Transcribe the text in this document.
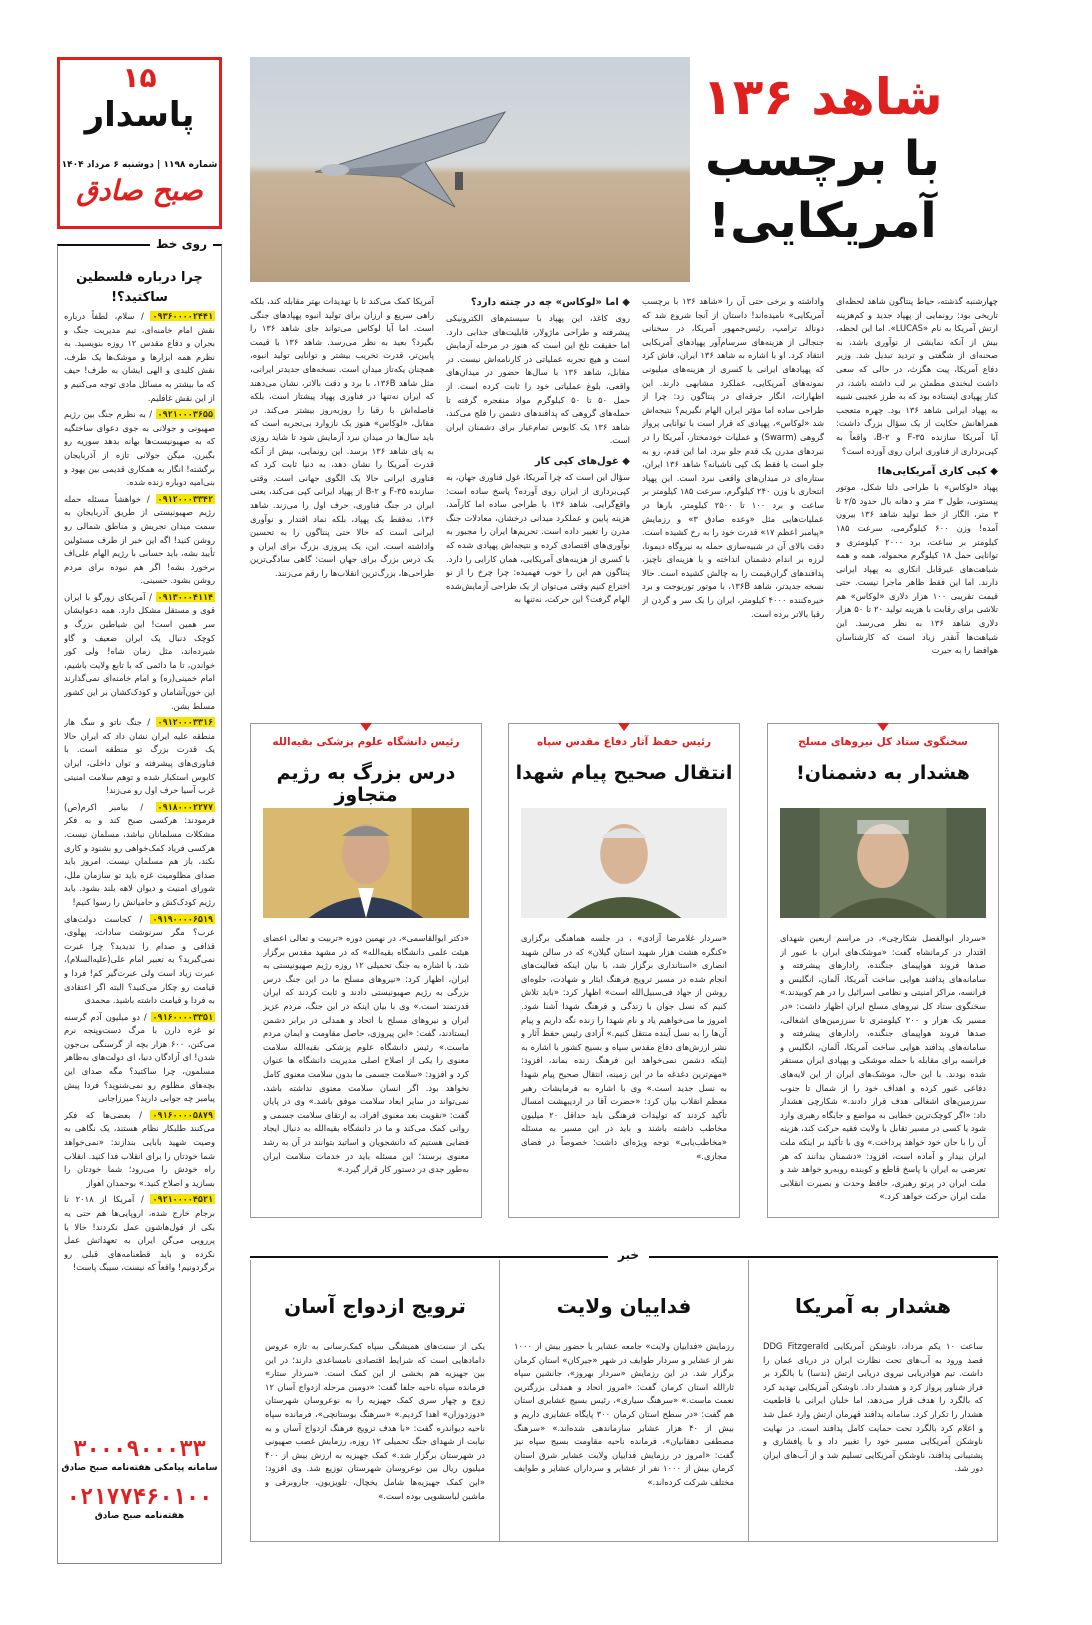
۱۵
پاسدار
شماره ۱۱۹۸ | دوشنبه ۶ مرداد ۱۴۰۴
صبح صادق
روی خط
چرا درباره فلسطین ساکتید؟!
۰۹۳۶۰۰۰۰۲۴۴۱ / سلام، لطفاً درباره نقش امام خامنه‌ای، تیم مدیریت جنگ و بحران و دفاع مقدس ۱۲ روزه بنویسید. به نظرم همه ابزارها و موشک‌ها یک طرف، نقش کلیدی و الهی ایشان به طرف! حیف که ما بیشتر به مسائل مادی توجه می‌کنیم و از این نقش غافلیم.
۰۹۲۱۰۰۰۳۶۵۵ / به نظرم جنگ بین رژیم صهیونی و جولانی به جوی دعوای ساختگیه که به صهیونیست‌ها بهانه بدهد سوریه رو بگیرن. میگن جولانی تازه از آذربایجان برگشته! انگار به همکاری قدیمی بین یهود و بنی‌امیه دوباره زنده شده.
۰۹۱۲۰۰۰۳۳۴۲ / خواهشاً مسئله حمله رژیم صهیونیستی از طریق آذربایجان به سمت میدان تجریش و مناطق شمالی رو روشن کنید! اگه این خبر از طرف مسئولین تأیید بشه، باید حسابی با رژیم الهام علی‌اف برخورد بشه! اگر هم نبوده برای مردم روشن بشود. حسینی.
۰۹۱۳۰۰۰۴۱۱۴ / آمریکای زورگو با ایران قوی و مستقل مشکل دارد. همه دعوایشان سر همین است! این شیاطین بزرگ و کوچک دنبال یک ایران ضعیف و گاو شیرده‌اند، مثل زمان شاه! ولی کور خواندن، تا ما دائمی که با تابع ولایت باشیم، امام خمینی(ره) و امام خامنه‌ای نمی‌گذارند این خون‌آشامان و کودک‌کشان بر این کشور مسلط بشن.
۰۹۱۲۰۰۰۳۳۱۶ / جنگ ناتو و سگ هار منطقه علیه ایران نشان داد که ایران حالا یک قدرت بزرگ تو منطقه است. با فناوری‌های پیشرفته و توان داخلی، ایران کابوس استکبار شده و توهم سلامت امنیتی غرب آسیا حرف اول رو می‌زند!
۰۹۱۸۰۰۰۲۲۷۷ / بیامبر اکرم(ص) فرمودند: هرکسی صبح کند و به فکر مشکلات مسلمانان نباشد، مسلمان نیست. هرکسی فریاد کمک‌خواهی رو بشنود و کاری نکند، باز هم مسلمان نیست. امروز باید صدای مظلومیت غزه باید تو سازمان ملل، شورای امنیت و دیوان لاهه بلند بشود. باید رژیم کودک‌کش و حامیانش را رسوا کنیم!
۰۹۱۹۰۰۰۰۶۵۱۹ / کجاست دولت‌های عرب؟ مگر سرنوشت سادات، پهلوی، قذافی و صدام را ندیدید؟ چرا عبرت نمی‌گیرید؟ به تعبیر امام علی(علیه‌السلام)، عبرت زیاد است ولی عبرت‌گیر کم! فردا و قیامت رو چکار می‌کنید؟ البته اگر اعتقادی به فردا و قیامت داشته باشید. محمدی
۰۹۱۶۰۰۰۰۳۳۵۱ / دو میلیون آدم گرسنه تو غزه دارن با مرگ دست‌وپنجه نرم می‌کنن، ۶۰۰ هزار بچه از گرسنگی بی‌جون شدن! ای آزادگان دنیا، ای دولت‌های به‌ظاهر مسلمون، چرا ساکتید؟ مگه صدای این بچه‌های مظلوم رو نمی‌شنوید؟ فردا پیش پیامبر چه جوابی دارید؟ میرزاجانی
۰۹۱۶۰۰۰۰۵۸۷۹ / بعضی‌ها که فکر می‌کنند طلبکار نظام هستند، یک نگاهی به وصیت شهید بابایی بندازند: «نمی‌خواهد شما خودتان را برای انقلاب فدا کنید. انقلاب راه خودش را می‌رود؛ شما خودتان را بسازید و اصلاح کنید.» بوحمدان اهواز
۰۹۲۱۰۰۰۰۴۵۲۱ / آمریکا از ۲۰۱۸ تا برجام خارج شده، اروپایی‌ها هم حتی یه بکی از قول‌هاشون عمل نکردند! حالا با پررویی می‌گن ایران به تعهداتش عمل نکرده و باید قطعنامه‌های قبلی رو برگردونیم! واقعاً که نیست، سیبگ پاست!
۳۰۰۰۹۰۰۰۳۳
سامانه پیامکی هفته‌نامه صبح صادق
۰۲۱۷۷۴۶۰۱۰۰
هفته‌نامه صبح صادق
شاهد ۱۳۶
با برچسب
آمریکایی!
چهارشنبه گذشته، حیاط پنتاگون شاهد لحظه‌ای تاریخی بود: رونمایی از پهپاد جدید و کم‌هزینه ارتش آمریکا به نام «LUCAS». اما این لحظه، بیش از آنکه نمایشی از نوآوری باشد، به صحنه‌ای از شگفتی و تردید تبدیل شد. وزیر دفاع آمریکا، پیت هگزث، در حالی که سعی داشت لبخندی مطمئن بر لب داشته باشد، در کنار پهپادی ایستاده بود که به طرز عجیبی شبیه به پهپاد ایرانی شاهد ۱۳۶ بود. چهره متعجب همراهانش حکایت از یک سؤال بزرگ داشت: آیا آمریکا سازنده ۳۵-F و ۲-B، واقعاً به کپی‌برداری از فناوری ایران روی آورده است؟
◆ کپی کاری آمریکایی‌ها!
پهپاد «لوکاس» با طراحی دلتا شکل، موتور پیستونی، طول ۳ متر و دهانه بال حدود ۲/۵ تا ۳ متر، الگار از خط تولید شاهد ۱۳۶ بیرون آمده! وزن ۶۰۰ کیلوگرمی، سرعت ۱۸۵ کیلومتر بر ساعت، برد ۲۰۰۰ کیلومتری و توانایی حمل ۱۸ کیلوگرم محموله، همه و همه شباهت‌های غیرقابل انکاری به پهپاد ایرانی دارند. اما این فقط ظاهر ماجرا نیست. حتی قیمت تقریبی ۱۰۰ هزار دلاری «لوکاس» هم تلاشی برای رقابت با هزینه تولید ۲۰ تا ۵۰ هزار دلاری شاهد ۱۳۶ به نظر می‌رسد. این شباهت‌ها آنقدر زیاد است که کارشناسان هوافضا را به حیرت
واداشته و برخی حتی آن را «شاهد ۱۳۶ با برچسب آمریکایی» نامیده‌اند! داستان از آنجا شروع شد که دونالد ترامپ، رئیس‌جمهور آمریکا، در سخنانی جنجالی از هزینه‌های سرسام‌آور پهپادهای آمریکایی انتقاد کرد. او با اشاره به شاهد ۱۳۶ ایران، فاش کرد که پهپادهای ایرانی با کسری از هزینه‌های میلیونی نمونه‌های آمریکایی، عملکرد مشابهی دارند. این اظهارات، انگار جرقه‌ای در پنتاگون زد: چرا از طراحی ساده اما مؤثر ایران الهام نگیریم؟ نتیجه‌اش شد «لوکاس»، پهپادی که قرار است با توانایی پرواز گروهی (Swarm) و عملیات خودمختار، آمریکا را در نبردهای مدرن یک قدم جلو ببرد. اما این قدم، رو به جلو است یا فقط یک کپی ناشیانه؟ شاهد ۱۳۶ ایران، ستاره‌ای در میدان‌های واقعی نبرد است. این پهپاد انتحاری با وزن ۲۴۰ کیلوگرم، سرعت ۱۸۵ کیلومتر بر ساعت و برد ۱۰۰ تا ۲۵۰۰ کیلومتر، بارها در عملیات‌هایی مثل «وعده صادق ۳» و رزمایش «پیامبر اعظم ۱۷» قدرت خود را به رخ کشیده است. دقت بالای آن در شبیه‌سازی حمله به نیروگاه دیمونا، لرزه بر اندام دشمنان انداخته و با هزینه‌ای ناچیز، پدافندهای گران‌قیمت را به چالش کشیده است. حالا نسخه جدیدتر، شاهد ۱۳۶B، با موتور توربوجت و برد خیره‌کننده ۴۰۰۰ کیلومتر، ایران را یک سر و گردن از رقبا بالاتر برده است.
◆ اما «لوکاس» چه در چنته دارد؟
روی کاغذ، این پهپاد با سیستم‌های الکترونیکی پیشرفته و طراحی ماژولار، قابلیت‌های جذابی دارد. اما حقیقت تلخ این است که هنوز در مرحله آزمایش است و هیچ تجربه عملیاتی در کارنامه‌اش نیست. در مقابل، شاهد ۱۳۶ با سال‌ها حضور در میدان‌های واقعی، بلوغ عملیاتی خود را ثابت کرده است. از حمل ۵۰ تا ۵۰ کیلوگرم مواد منفجره گرفته تا حمله‌های گروهی که پدافندهای دشمن را فلج می‌کند، شاهد ۱۳۶ یک کابوس تمام‌عیار برای دشمنان ایران است.
◆ غول‌های کپی کار
سؤال این است که چرا آمریکا، غول فناوری جهان، به کپی‌برداری از ایران روی آورده؟ پاسخ ساده است: واقع‌گرایی. شاهد ۱۳۶ با طراحی ساده اما کارآمد، هزینه پایین و عملکرد میدانی درخشان، معادلات جنگ مدرن را تغییر داده است. تحریم‌ها ایران را مجبور به نوآوری‌های اقتصادی کرده و نتیجه‌اش پهپادی شده که با کسری از هزینه‌های آمریکایی، همان کارایی را دارد. پنتاگون هم این را خوب فهمیده: چرا چرخ را از نو اختراع کنیم وقتی می‌توان از یک طراحی آزمایش‌شده الهام گرفت؟ این حرکت، نه‌تنها به
آمریکا کمک می‌کند تا با تهدیدات بهتر مقابله کند، بلکه راهی سریع و ارزان برای تولید انبوه پهپادهای جنگی است. اما آیا لوکاس می‌تواند جای شاهد ۱۳۶ را بگیرد؟ بعید به نظر می‌رسد. شاهد ۱۳۶ با قیمت پایین‌تر، قدرت تخریب بیشتر و توانایی تولید انبوه، همچنان یکه‌تاز میدان است. نسخه‌های جدیدتر ایرانی، مثل شاهد ۱۳۶B، با برد و دقت بالاتر، نشان می‌دهند که ایران نه‌تنها در فناوری پهپاد پیشتاز است، بلکه فاصله‌اش با رقبا را روزبه‌روز بیشتر می‌کند. در مقابل، «لوکاس» هنوز یک نازوارد بی‌تجربه است که باید سال‌ها در میدان نبرد آزمایش شود تا شاید روزی به پای شاهد ۱۳۶ برسد. این رونمایی، بیش از آنکه قدرت آمریکا را نشان دهد، به دنیا ثابت کرد که فناوری ایرانی حالا یک الگوی جهانی است. وقتی سازنده F-۳۵ و B-۲ از پهپاد ایرانی کپی می‌کند، یعنی ایران در جنگ فناوری، حرف اول را می‌زند. شاهد ۱۳۶، نه‌فقط یک پهپاد، بلکه نماد اقتدار و نوآوری ایرانی است که حالا حتی پنتاگون را به تحسین واداشته است. این، یک پیروزی بزرگ برای ایران و یک درس بزرگ برای جهان است: گاهی سادگی‌ترین طراحی‌ها، بزرگ‌ترین انقلاب‌ها را رقم می‌زنند.
سخنگوی ستاد کل نیروهای مسلح
هشدار به دشمنان!
«سردار ابوالفضل شکارچی»، در مراسم اربعین شهدای اقتدار در کرمانشاه گفت: «موشک‌های ایران با عبور از صدها فروند هواپیمای جنگنده، رادارهای پیشرفته و سامانه‌های پدافند هوایی ساخت آمریکا، آلمان، انگلیس و فرانسه، مراکز امنیتی و نظامی اسرائیل را در هم کوبیدند.» سخنگوی ستاد کل نیروهای مسلح ایران اظهار داشت: «در مسیر یک هزار و ۲۰۰ کیلومتری تا سرزمین‌های اشغالی، صدها فروند هواپیمای جنگنده، رادارهای پیشرفته و سامانه‌های پدافند هوایی ساخت آمریکا، آلمان، انگلیس و فرانسه برای مقابله با حمله موشکی و پهپادی ایران مستقر شده بودند. با این حال، موشک‌های ایران از این لایه‌های دفاعی عبور کرده و اهداف خود را از شمال تا جنوب سرزمین‌های اشغالی هدف قرار دادند.» شکارچی هشدار داد: «اگر کوچک‌ترین خطایی به مواضع و جایگاه رهبری وارد شود یا کسی در مسیر تقابل با ولایت فقیه حرکت کند، هزینه آن را با جان خود خواهد پرداخت.» وی با تأکید بر اینکه ملت ایران بیدار و آماده است، افزود: «دشمنان بدانند که هر تعرضی به ایران با پاسخ قاطع و کوبنده روبه‌رو خواهد شد و ملت ایران در پرتو رهبری، حافظ وحدت و بصیرت انقلابی ملت ایران حرکت خواهد کرد.»
رئیس حفظ آثار دفاع مقدس سپاه
انتقال صحیح پیام شهدا
«سردار غلامرضا آزادی» ، در جلسه هماهنگی برگزاری «کنگره هشت هزار شهید استان گیلان» که در سالن شهید انصاری «استانداری برگزار شد، با بیان اینکه فعالیت‌های انجام شده در مسیر ترویج فرهنگ ایثار و شهادت، جلوه‌ای روشن از جهاد فی‌سبیل‌الله است» اظهار کرد: «باید تلاش کنیم که نسل جوان با زندگی و فرهنگ شهدا آشنا شود. امروز ما می‌خواهیم یاد و نام شهدا را زنده نگه داریم و پیام آن‌ها را به نسل آینده منتقل کنیم.» آزادی رئیس حفظ آثار و نشر ارزش‌های دفاع مقدس سپاه و بسیج کشور با اشاره به اینکه دشمن نمی‌خواهد این فرهنگ زنده بماند، افزود: «مهم‌ترین دغدغه ما در این زمینه، انتقال صحیح پیام شهدا به نسل جدید است.» وی با اشاره به فرمایشات رهبر معظم انقلاب بیان کرد: «حضرت آقا در اردیبهشت امسال تأکید کردند که تولیدات فرهنگی باید حداقل ۲۰ میلیون مخاطب داشته باشند و باید در این مسیر به مسئله «مخاطب‌یابی» توجه ویژه‌ای داشت؛ خصوصاً در فضای مجازی.»
رئیس دانشگاه علوم پزشکی بقیه‌الله
درس بزرگ به رژیم متجاوز
«دکتر ابوالقاسمی»، در نهمین دوره «تربیت و تعالی اعضای هیئت علمی دانشگاه بقیه‌الله» که در مشهد مقدس برگزار شد، با اشاره به جنگ تحمیلی ۱۲ روزه رژیم صهیونیستی به ایران، اظهار کرد: «نیروهای مسلح ما در این جنگ درس بزرگی به رژیم صهیونیستی دادند و ثابت کردند که ایران قدرتمند است.» وی با بیان اینکه در این جنگ، مردم عزیز ایران و نیروهای مسلح با اتحاد و همدلی در برابر دشمن ایستادند، گفت: «این پیروزی، حاصل مقاومت و ایمان مردم ماست.» رئیس دانشگاه علوم پزشکی بقیه‌الله سلامت معنوی را یکی از اصلاح اصلی مدیریت دانشگاه ها عنوان کرد و افزود: «سلامت جسمی ما بدون سلامت معنوی کامل نخواهد بود. اگر انسان سلامت معنوی نداشته باشد، نمی‌تواند در سایر ابعاد سلامت موفق باشد.» وی در پایان گفت: «تقویت بعد معنوی افراد، به ارتقای سلامت جسمی و روانی کمک می‌کند و ما در دانشگاه بقیه‌الله به دنبال ایجاد فضایی هستیم که دانشجویان و اساتید بتوانند در آن به رشد معنوی برسند؛ این مسئله باید در خدمات سلامت ایران به‌طور جدی در دستور کار قرار گیرد.»
خبر
هشدار به آمریکا
ساعت ۱۰ یکم مرداد، ناوشکن آمریکایی DDG Fitzgerald قصد ورود به آب‌های تحت نظارت ایران در دریای عمان را داشت. تیم هوادریایی نیروی دریایی ارتش (ندسا) با بالگرد بر فراز شناور پرواز کرد و هشدار داد. ناوشکن آمریکایی تهدید کرد که بالگرد را هدف قرار می‌دهد، اما خلبان ایرانی با قاطعیت هشدار را تکرار کرد. سامانه پدافند قهرمان ارتش وارد عمل شد و اعلام کرد بالگرد تحت حمایت کامل پدافند است. در نهایت ناوشکن آمریکایی مسیر خود را تغییر داد و با پافشاری و پشتیبانی پدافند، ناوشکن آمریکایی تسلیم شد و از آب‌های ایران دور شد.
فداییان ولایت
رزمایش «فداییان ولایت» جامعه عشایر با حضور بیش از ۱۰۰۰ نفر از عشایر و سردار طوایف در شهر «جیرکان» استان کرمان برگزار شد. در این رزمایش «سردار بهروز»، جانشین سپاه ثارالله استان کرمان گفت: «امروز اتحاد و همدلی بزرگترین نعمت ماست.» «سرهنگ سیاری»، رئیس بسیج عشایری استان هم گفت: «در سطح استان کرمان ۳۰۰ پایگاه عشایری داریم و بیش از ۴۰ هزار عشایر سازماندهی شده‌اند.» «سرهنگ مصطفی دهقانیان»، فرمانده ناحیه مقاومت بسیج سپاه نیز گفت: «امروز در رزمایش فداییان ولایت عشایر شرق استان کرمان بیش از ۱۰۰۰ نفر از عشایر و سرداران عشایر و طوایف مختلف شرکت کرده‌اند.»
ترویج ازدواج آسان
یکی از سنت‌های همیشگی سپاه کمک‌رسانی به تازه عروس دامادهایی است که شرایط اقتصادی نامساعدی دارند؛ در این بین جهیزیه هم بخشی از این کمک است. «سردار ستار» فرمانده سپاه ناحیه جلفا گفت: «دومین مرحله ازدواج آسان ۱۲ زوج و چهار سری کمک جهیزیه را به نوعروسان شهرستان «دوزدوزان» اهدا کردیم.» «سرهنگ بوستانچی»، فرمانده سپاه ناحیه دیواندره گفت: «با هدف ترویج فرهنگ ازدواج آسان و به نیابت از شهدای جنگ تحمیلی ۱۲ روزه، رزمایش غصب صهیونی در شهرستان برگزار شد.» کمک جهیزیه به ارزش بیش از ۴۰۰ میلیون ریال بین نوعروسان شهرستان توزیع شد. وی افزود: «این کمک جهیزیه‌ها شامل یخچال، تلویزیون، جاروبرقی و ماشین لباسشویی بوده است.»
